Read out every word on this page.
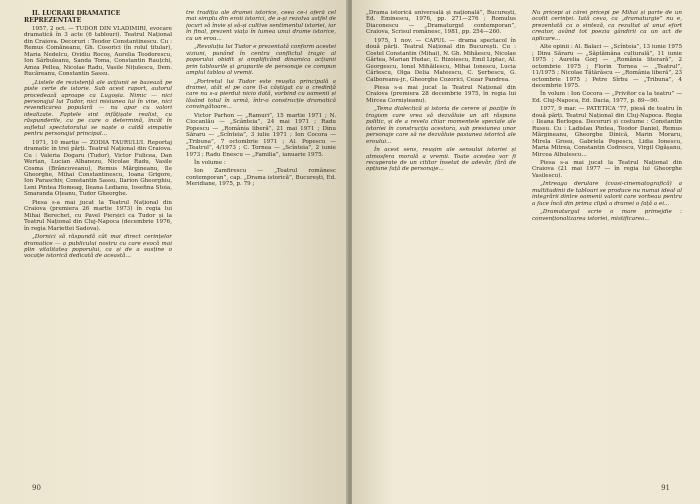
II. LUCRĂRI DRAMATICE REPREZENTATE

1957, 2 oct. — TUDOR DIN VLADIMIRI, evocare dramatică în 3 acte (6 tablouri). Teatrul Național din Craiova. Decoruri : Teodor Constantinescu. Cu : Remus Comăneanu, Gh. Cosorici (în rolul titular), Maria Nedelcu, Ovidiu Rocoș, Aurelia Teodorescu, Ion Sârbuleanu, Sanda Toma, Constantin Rauțchi, Amza Pellea, Nicolae Radu, Vasile Nițulescu, Dem. Rucăreanu, Constantin Sassu.

„Listele de rezistență ale acțiunii se bazează pe piste certe de istorie. Sub acest raport, autorul procedează aproape ca Lugoșia. Nimic — nici personajul lui Tudor, nici misiunea lui în vine, nici revendicarea populară — nu apar cu valori idealizate. Faptele sint infățișate realist, cu răspunderile, cu pe care o determină, încât în sufletul spectatorului se naște o caldă simpatie pentru personajul principal...

1971, 10 martie — ZODIA TAURULUI. Reportaj dramatic în trei părți. Teatrul Național din Craiova. Cu : Valeria Dogaru (Tudor), Victor Fulicea, Dan Wertan, Lucian Albanezu, Nicolae Radu, Vasile Cosma (Brâncoveanu), Remus Mărgineanu, Ile Gheorghe, Mihai Constantinescu, Ioana Grigore, Ion Paraschiv, Constantin Sassu, Ilarion Gheorghiu, Leni Pintea Homeag, Ileana Ledianu, Iosefina Stoia, Smaranda Oțeanu, Tudor Gheorghe.

Piesa s-a mai jucat la Teatrul Național din Craiova (premiera 26 martie 1973) în regia lui Mihai Berechet, cu Pavel Pierșici ca Tudor și la Teatrul Național din Cluj-Napoca (decembrie 1976, în regia Mariettei Sadova).

„Dornici să răspundă cât mai direct cerințelor dramatice — a publicului nostru cu care evocă mai plin vitalitatea poporului, ca și de a susține o vocație istorică dedicată de această...

tre tradiția ale dramei istorice, ceea ce-i oferă cel mai simplu din eroii istorici, de a-și rezolva astfel de jocuri să învie și să-și cultive sentimentul istoriei, iar în final, prezent viața în lumea unui drame istorice, cu un erou...

„Revoluția lui Tudor e prezentată conform acestei viziuni, punând în centru conflictul tragic al poporului obidit și amplificând dinamica acțiunii prin tablourile și grupurile de personaje ce compun amplul tablou al vremii.

„Portretul lui Tudor este reușita principală a dramei, atât el pe care îl-a câștigat cu o credință care nu s-a pierdut nicio dată, vorbind cu oamenii și lăsând totul în urmă, într-o construcție dramatică convingătoare...

Victor Parhon — „Ramuri”, 15 martie 1971 ; N. Ciocanlău — „Scânteia”, 24 mai 1971 ; Radu Popescu — „România liberă”, 21 mai 1971 ; Dinu Săraru — „Scînteia”, 3 iulie 1971 ; Ion Cocora — „Tribuna”, 7 octombrie 1971 ; Al. Popescu — „Teatrul”, 4/1973 ; C. Tornea — „Scînteia”, 2 iunie 1973 ; Radu Enescu — „Familia”, ianuarie 1975.

În volume :

Ion Zamfirescu — „Teatrul românesc contemporan”, cap. „Drama istorică”, București, Ed. Meridiane, 1975, p. 79 ;

90

„Drama istorică universală și națională”, București, Ed. Eminescu, 1976, pp. 271—276 ; Romulus Diaconescu — „Dramaturgul contemporan”, Craiova, Scrisul românesc, 1981, pp. 254—260.

1975, 1 nov. — CAPUL — drama spectacol în două părți. Teatrul Național din București. Cu : Costel Constantin (Mihai), N. Gh. Mihăescu, Nicolae Gărtea, Marian Hudac, C. Rizoiescu, Emil Liptac, Al. Georgescu, Ionel Mihăilescu, Mihai Ionescu, Lucia Cârlescu, Olga Delia Mateescu, C. Șerbescu, G. Calboreanu-jr., Gheorghe Cozorici, Cezar Pandrea.

Piesa s-a mai jucat la Teatrul Național din Craiova (premiera 28 decembrie 1975, în regia lui Mircea Cornișteanu).

„Tema dialectică și istoria de cerere și poziție în tragism care vrea să dezvăluie un alt răspuns politic, și de a revela chiar momentele speciale ale istoriei în construcția acestora, sub presiunea unor personaje care să ne dezvăluie pasiunea istorică ale eroului...

În acest sens, reușim ale sensului istoriei și atmosfera morală a vremii. Toate acestea vor fi recuperate de un cititor însetat de adevăr, fără de opțiune față de personaje...

Nu pricepi ai cărei pricepi pe Mihai și parte de un ocolit cerinței. Iată ceva, ca „dramaturgie” nu e, prezentată ca o sinteză, ca rezultat al unui efort creator, având tot poezia gândirii ca un act de aplicare...

Alte opinii : Al. Balaci — „Scînteia”, 13 iunie 1975 ; Dinu Săraru — „Săptămâna culturală”, 11 iunie 1975 ; Aurelia Gorj — „România literară”, 2 octombrie 1975 ; Florin Tornea — „Teatrul”, 11/1975 ; Nicolae Tătărăscu — „România liberă”, 23 octombrie 1975 ; Petre Sîrbu — „Tribuna”, 4 decembrie 1975.

În volum : Ion Cocora — „Privitor ca la teatru” — Ed. Cluj-Napoca, Ed. Dacia, 1977, p. 89—90.

1977, 9 mar. — PATETICA '77, piesă de teatru în două părți. Teatrul Național din Cluj-Napoca. Regia : Ileana Berlogea. Decoruri și costume : Constantin Russu. Cu : Ladislau Pintea, Teodor Daniel, Remus Mărgineanu, Gheorghe Dinică, Marin Moraru, Mirela Grosu, Gabriela Popescu, Lidia Ionescu, Maria Mitrea, Constantin Codrescu, Virgil Ogășanu, Mircea Albulescu...

Piesa s-a mai jucat la Teatrul Național din Craiova (21 mai 1977 — în regia lui Gheorghe Vasilescu).

„Intreaga derulare (cvasi-cinematografică) a multitudinii de tablouri se produce nu numai ideal al integrării dintre oamenii valorii care vorbeau pentru a face încă din prima clipă a dramei o față a ei...

„Dramaturgul scrie o mare primejdie : convenționalizarea istoriei, mistificarea...

91
